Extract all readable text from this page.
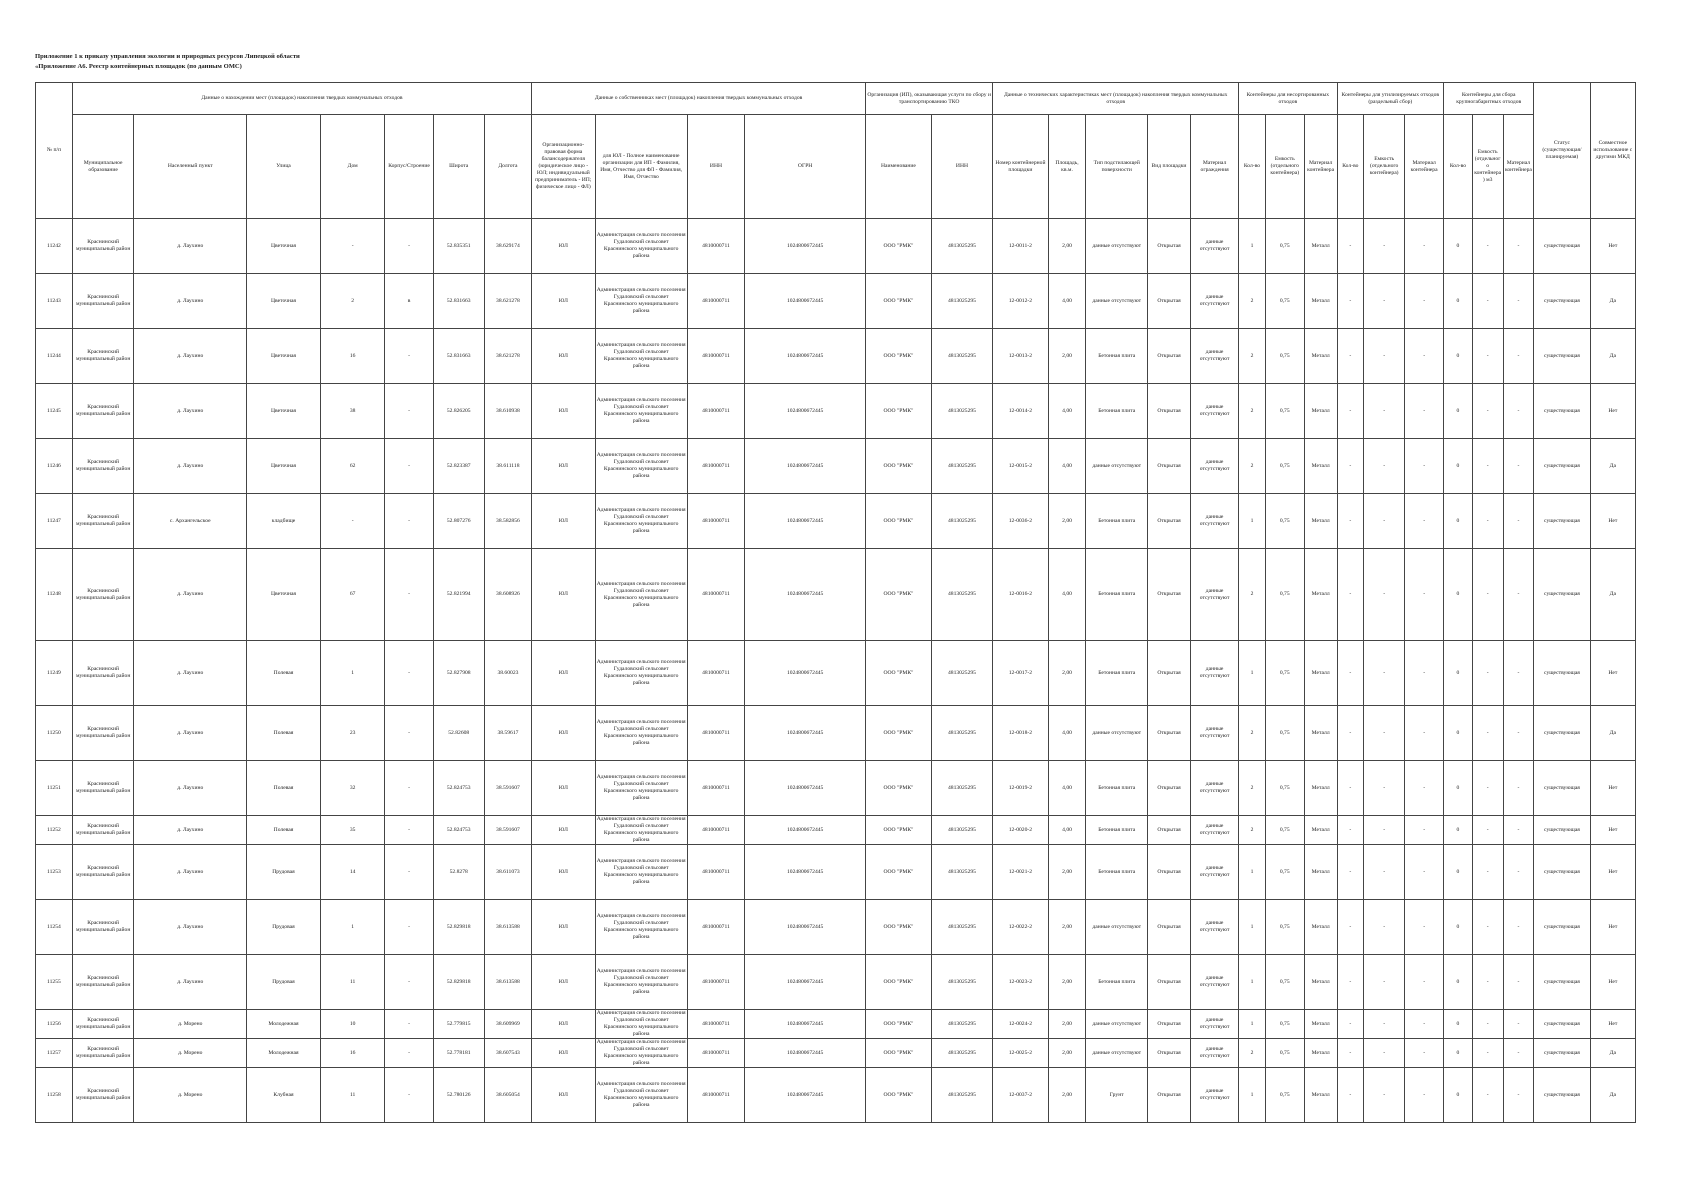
Приложение 1 к приказу управления экологии и природных ресурсов Липецкой области
«Приложение А6. Реестр контейнерных площадок (по данным ОМС)
№ п/п	Данные о нахождении мест (площадок) накопления твердых коммунальных отходов							Данные о собственниках мест (площадок) накопления твердых коммунальных отходов				Организация (ИП), оказывающая услуги по сбору и транспортированию ТКО		Данные о технических характеристиках мест (площадок) накопления твердых коммунальных отходов					Контейнеры для несортированных отходов			Контейнеры для утилизируемых отходов (раздельный сбор)			Контейнеры для сбора крупногабаритных отходов			Статус (существующая/ планируемая)	Совместное использование с другими МКД
	Муниципальное образование	Населенный пункт	Улица	Дом	Корпус/Строение	Широта	Долгота	Организационно-правовая форма балансодержателя (юридическое лицо - ЮЛ; индивидуальный предприниматель - ИП; физическое лицо - ФЛ)	для ЮЛ - Полное наименование организации для ИП - Фамилия, Имя, Отчество для ФЛ - Фамилия, Имя, Отчество	ИНН	ОГРН	Наименование	ИНН	Номер контейнерной площадки	Площадь, кв.м.	Тип подстилающей поверхности	Вид площадки	Материал ограждения	Кол-во	Емкость (отдельного контейнера)	Материал контейнера	Кол-во	Емкость (отдельного контейнера)	Материал контейнера	Кол-во	Емкость (отдельного контейнера) м3	Материал контейнера		
11242	Краснинский муниципальный район	д. Лаухино	Цветочная	-	-	52.835351	38.629174	ЮЛ	Администрация сельского поселения Гудаловский сельсовет Краснинского муниципального района	4810000711	1024800672445	ООО "РМК"	4813025295	12-0011-2	2,00	данные отсутствуют	Открытая	данные отсутствуют	1	0,75	Металл	-	-	-	0	-	-	существующая	Нет
11243	Краснинский муниципальный район	д. Лаухино	Цветочная	2	в	52.831663	38.621278	ЮЛ	Администрация сельского поселения Гудаловский сельсовет Краснинского муниципального района	4810000711	1024800672445	ООО "РМК"	4813025295	12-0012-2	4,00	данные отсутствуют	Открытая	данные отсутствуют	2	0,75	Металл	-	-	-	0	-	-	существующая	Да
11244	Краснинский муниципальный район	д. Лаухино	Цветочная	16	-	52.831663	38.621278	ЮЛ	Администрация сельского поселения Гудаловский сельсовет Краснинского муниципального района	4810000711	1024800672445	ООО "РМК"	4813025295	12-0013-2	2,00	Бетонная плита	Открытая	данные отсутствуют	2	0,75	Металл	-	-	-	0	-	-	существующая	Да
11245	Краснинский муниципальный район	д. Лаухино	Цветочная	38	-	52.826205	38.610938	ЮЛ	Администрация сельского поселения Гудаловский сельсовет Краснинского муниципального района	4810000711	1024800672445	ООО "РМК"	4813025295	12-0014-2	4,00	Бетонная плита	Открытая	данные отсутствуют	2	0,75	Металл	-	-	-	0	-	-	существующая	Нет
11246	Краснинский муниципальный район	д. Лаухино	Цветочная	62	-	52.823387	38.611118	ЮЛ	Администрация сельского поселения Гудаловский сельсовет Краснинского муниципального района	4810000711	1024800672445	ООО "РМК"	4813025295	12-0015-2	4,00	данные отсутствуют	Открытая	данные отсутствуют	2	0,75	Металл	-	-	-	0	-	-	существующая	Да
11247	Краснинский муниципальный район	с. Архангельское	кладбище	-	-	52.807276	38.582856	ЮЛ	Администрация сельского поселения Гудаловский сельсовет Краснинского муниципального района	4810000711	1024800672445	ООО "РМК"	4813025295	12-0036-2	2,00	Бетонная плита	Открытая	данные отсутствуют	1	0,75	Металл	-	-	-	0	-	-	существующая	Нет
11248	Краснинский муниципальный район	д. Лаухино	Цветочная	67	-	52.821994	38.608926	ЮЛ	Администрация сельского поселения Гудаловский сельсовет Краснинского муниципального района	4810000711	1024800672445	ООО "РМК"	4813025295	12-0016-2	4,00	Бетонная плита	Открытая	данные отсутствуют	2	0,75	Металл	-	-	-	0	-	-	существующая	Да
11249	Краснинский муниципальный район	д. Лаухино	Полевая	1	-	52.827908	38.60023	ЮЛ	Администрация сельского поселения Гудаловский сельсовет Краснинского муниципального района	4810000711	1024800672445	ООО "РМК"	4813025295	12-0017-2	2,00	Бетонная плита	Открытая	данные отсутствуют	1	0,75	Металл	-	-	-	0	-	-	существующая	Нет
11250	Краснинский муниципальный район	д. Лаухино	Полевая	23	-	52.82608	38.59617	ЮЛ	Администрация сельского поселения Гудаловский сельсовет Краснинского муниципального района	4810000711	1024800672445	ООО "РМК"	4813025295	12-0018-2	4,00	данные отсутствуют	Открытая	данные отсутствуют	2	0,75	Металл	-	-	-	0	-	-	существующая	Да
11251	Краснинский муниципальный район	д. Лаухино	Полевая	32	-	52.824753	38.591607	ЮЛ	Администрация сельского поселения Гудаловский сельсовет Краснинского муниципального района	4810000711	1024800672445	ООО "РМК"	4813025295	12-0019-2	4,00	Бетонная плита	Открытая	данные отсутствуют	2	0,75	Металл	-	-	-	0	-	-	существующая	Нет
11252	Краснинский муниципальный район	д. Лаухино	Полевая	35	-	52.824753	38.591607	ЮЛ	Администрация сельского поселения Гудаловский сельсовет Краснинского муниципального района	4810000711	1024800672445	ООО "РМК"	4813025295	12-0020-2	4,00	Бетонная плита	Открытая	данные отсутствуют	2	0,75	Металл	-	-	-	0	-	-	существующая	Нет
11253	Краснинский муниципальный район	д. Лаухино	Прудовая	14	-	52.8278	38.611073	ЮЛ	Администрация сельского поселения Гудаловский сельсовет Краснинского муниципального района	4810000711	1024800672445	ООО "РМК"	4813025295	12-0021-2	2,00	Бетонная плита	Открытая	данные отсутствуют	1	0,75	Металл	-	-	-	0	-	-	существующая	Нет
11254	Краснинский муниципальный район	д. Лаухино	Прудовая	1	-	52.829818	38.613588	ЮЛ	Администрация сельского поселения Гудаловский сельсовет Краснинского муниципального района	4810000711	1024800672445	ООО "РМК"	4813025295	12-0022-2	2,00	данные отсутствуют	Открытая	данные отсутствуют	1	0,75	Металл	-	-	-	0	-	-	существующая	Нет
11255	Краснинский муниципальный район	д. Лаухино	Прудовая	11	-	52.829818	38.613588	ЮЛ	Администрация сельского поселения Гудаловский сельсовет Краснинского муниципального района	4810000711	1024800672445	ООО "РМК"	4813025295	12-0023-2	2,00	Бетонная плита	Открытая	данные отсутствуют	1	0,75	Металл	-	-	-	0	-	-	существующая	Нет
11256	Краснинский муниципальный район	д. Моренo	Молодежная	10	-	52.779815	38.609969	ЮЛ	Администрация сельского поселения Гудаловский сельсовет Краснинского муниципального района	4810000711	1024800672445	ООО "РМК"	4813025295	12-0024-2	2,00	данные отсутствуют	Открытая	данные отсутствуют	1	0,75	Металл	-	-	-	0	-	-	существующая	Нет
11257	Краснинский муниципальный район	д. Моренo	Молодежная	16	-	52.778181	38.607543	ЮЛ	Администрация сельского поселения Гудаловский сельсовет Краснинского муниципального района	4810000711	1024800672445	ООО "РМК"	4813025295	12-0025-2	2,00	данные отсутствуют	Открытая	данные отсутствуют	2	0,75	Металл	-	-	-	0	-	-	существующая	Да
11258	Краснинский муниципальный район	д. Моренo	Клубная	11	-	52.780126	38.605054	ЮЛ	Администрация сельского поселения Гудаловский сельсовет Краснинского муниципального района	4810000711	1024800672445	ООО "РМК"	4813025295	12-0037-2	2,00	Грунт	Открытая	данные отсутствуют	1	0,75	Металл	-	-	-	0	-	-	существующая	Да
